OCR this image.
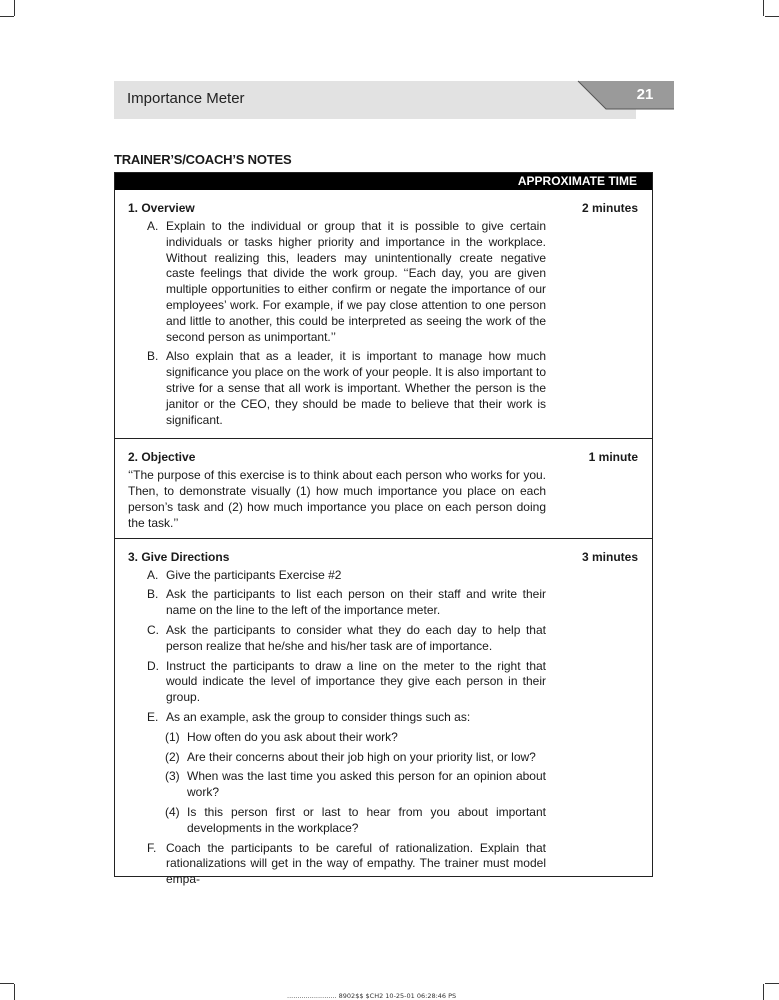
Importance Meter	21
TRAINER’S/COACH’S NOTES
APPROXIMATE TIME
1. Overview	2 minutes
A. Explain to the individual or group that it is possible to give certain individuals or tasks higher priority and importance in the workplace. Without realizing this, leaders may unintentionally create negative caste feelings that divide the work group. ‘‘Each day, you are given multiple opportunities to either confirm or negate the importance of our employees’ work. For example, if we pay close attention to one person and little to another, this could be interpreted as seeing the work of the second person as unimportant.’’
B. Also explain that as a leader, it is important to manage how much significance you place on the work of your people. It is also important to strive for a sense that all work is important. Whether the person is the janitor or the CEO, they should be made to believe that their work is significant.
2. Objective	1 minute
‘‘The purpose of this exercise is to think about each person who works for you. Then, to demonstrate visually (1) how much importance you place on each person’s task and (2) how much importance you place on each person doing the task.’’
3. Give Directions	3 minutes
A. Give the participants Exercise #2
B. Ask the participants to list each person on their staff and write their name on the line to the left of the importance meter.
C. Ask the participants to consider what they do each day to help that person realize that he/she and his/her task are of importance.
D. Instruct the participants to draw a line on the meter to the right that would indicate the level of importance they give each person in their group.
E. As an example, ask the group to consider things such as:
(1) How often do you ask about their work?
(2) Are their concerns about their job high on your priority list, or low?
(3) When was the last time you asked this person for an opinion about work?
(4) Is this person first or last to hear from you about important developments in the workplace?
F. Coach the participants to be careful of rationalization. Explain that rationalizations will get in the way of empathy. The trainer must model empa-
........................ 8902$$ $CH2 10-25-01 06:28:46 PS
